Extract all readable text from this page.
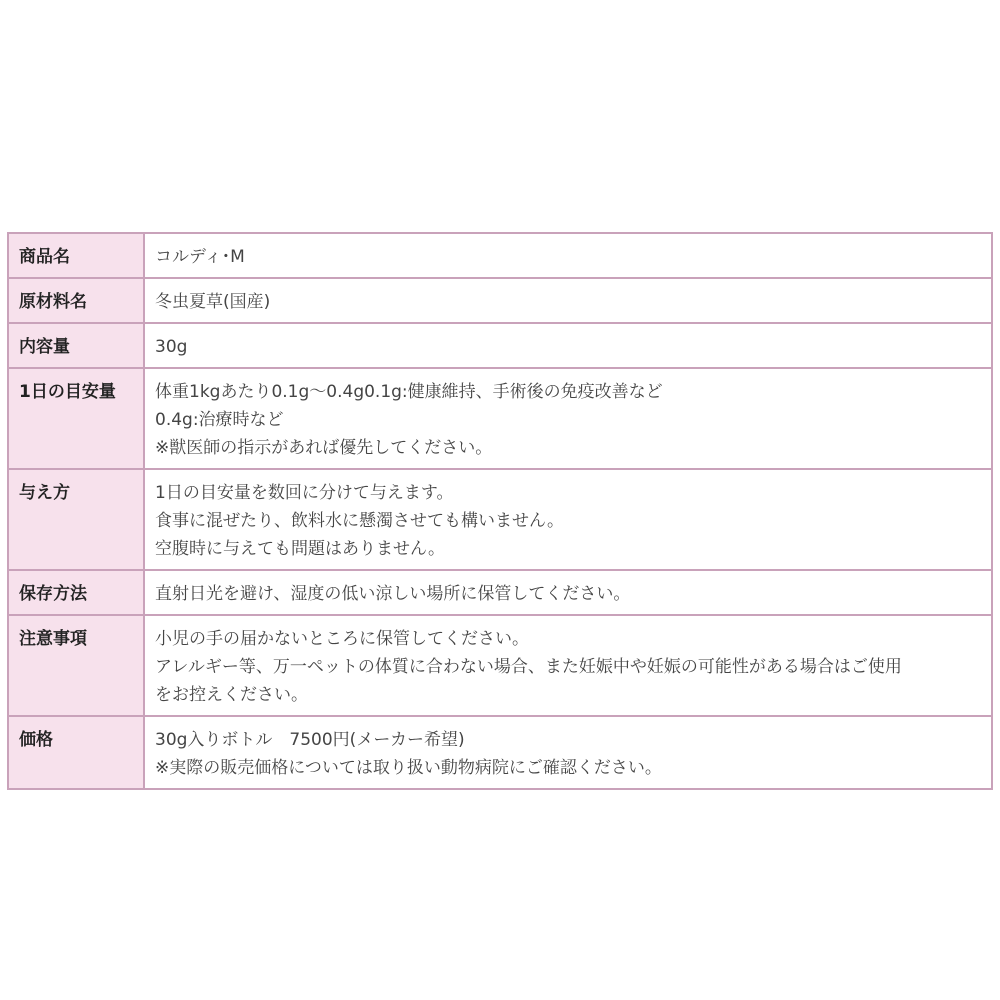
商品名	コルディ･M

原材料名	冬虫夏草(国産)

内容量	30g

1日の目安量	体重1kgあたり0.1g～0.4g0.1g:健康維持、手術後の免疫改善など
0.4g:治療時など
※獣医師の指示があれば優先してください。

与え方	1日の目安量を数回に分けて与えます。
食事に混ぜたり、飲料水に懸濁させても構いません。
空腹時に与えても問題はありません。

保存方法	直射日光を避け、湿度の低い涼しい場所に保管してください。

注意事項	小児の手の届かないところに保管してください。
アレルギー等、万一ペットの体質に合わない場合、また妊娠中や妊娠の可能性がある場合はご使用
をお控えください。

価格	30g入りボトル　7500円(メーカー希望)
※実際の販売価格については取り扱い動物病院にご確認ください。
